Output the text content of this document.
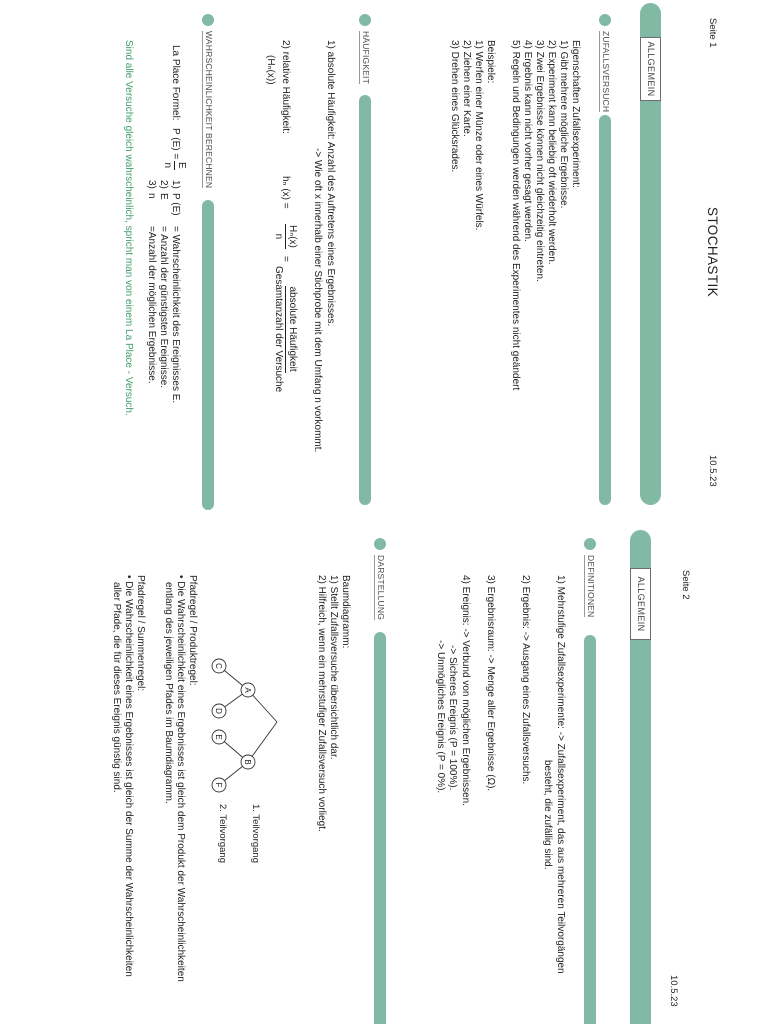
Seite 1
STOCHASTIK
10.5.23
Seite 2
10.5.23
ALLGEMEIN
ZUFALLSVERSUCH
Eigenschaften Zufallsexperiment:
1) Gibt mehrere mögliche Ergebnisse.
2) Experiment kann beliebig oft wiederholt werden.
3) Zwei Ergebnisse können nicht gleichzeitig eintreten.
4) Ergebnis kann nicht vorher gesagt werden.
5) Regeln und Bedingungen werden während des Experimentes nicht geändert
Beispiele:
1) Werfen einer Münze oder eines Würfels.
2) Ziehen einer Karte.
3) Drehen eines Glücksrades.
HÄUFIGKEIT
1) absolute Häufigkeit: Anzahl des Auftretens eines Ergebnisses.
-> Wie oft x innerhalb einer Stichprobe mit dem Umfang n vorkommt.
2) relative Häufigkeit:
hₙ (x) =
Hₙ(x)
n
=
absolute Häufigkeit
Gesamtanzahl der Versuche
(Hₙ(x))
WAHRSCHEINLICHKEIT BERECHNEN
La Place Formel:
P (E) =
E
n
1)
P (E)
= Wahrscheinlichkeit des Ereignisses E.
2)
E
= Anzahl der günstigsten Ereignisse.
3)
n
=Anzahl der möglichen Ergebnisse.
Sind alle Versuche gleich wahrscheinlich, spricht man von einem La Place - Versuch.
ALLGEMEIN
DEFINITIONEN
1) Mehrstufige Zufallsexperimente: -> Zufallsexperiment, das aus mehreren Teilvorgängen
besteht, die zufällig sind.
2) Ergebnis: -> Ausgang eines Zufallsversuchs.
3) Ergebnisraum: -> Menge aller Ergebnisse (Ω).
4) Ereignis: -> Verbund von möglichen Ergebnissen.
-> Sicheres Ereignis (P = 100%).
-> Unmögliches Ereignis (P = 0%).
DARSTELLUNG
Baumdiagramm:
1) Stellt Zufallsversuche übersichtlich dar.
2) Hilfreich, wenn ein mehrstufiger Zufallsversuch vorliegt.
A
B
C
D
E
F
1. Teilvorgang
2. Teilvorgang
Pfadregel / Produktregel:
• Die Wahrscheinlichkeit eines Ergebnisses ist gleich dem Produkt der Wahrscheinlichkeiten
entlang des jeweiligen Pfades im Baumdiagramm.
Pfadregel / Summenregel:
• Die Wahrscheinlichkeit eines Ergebnisses ist gleich der Summe der Wahrscheinlichkeiten
aller Pfade, die für dieses Ereignis günstig sind.
